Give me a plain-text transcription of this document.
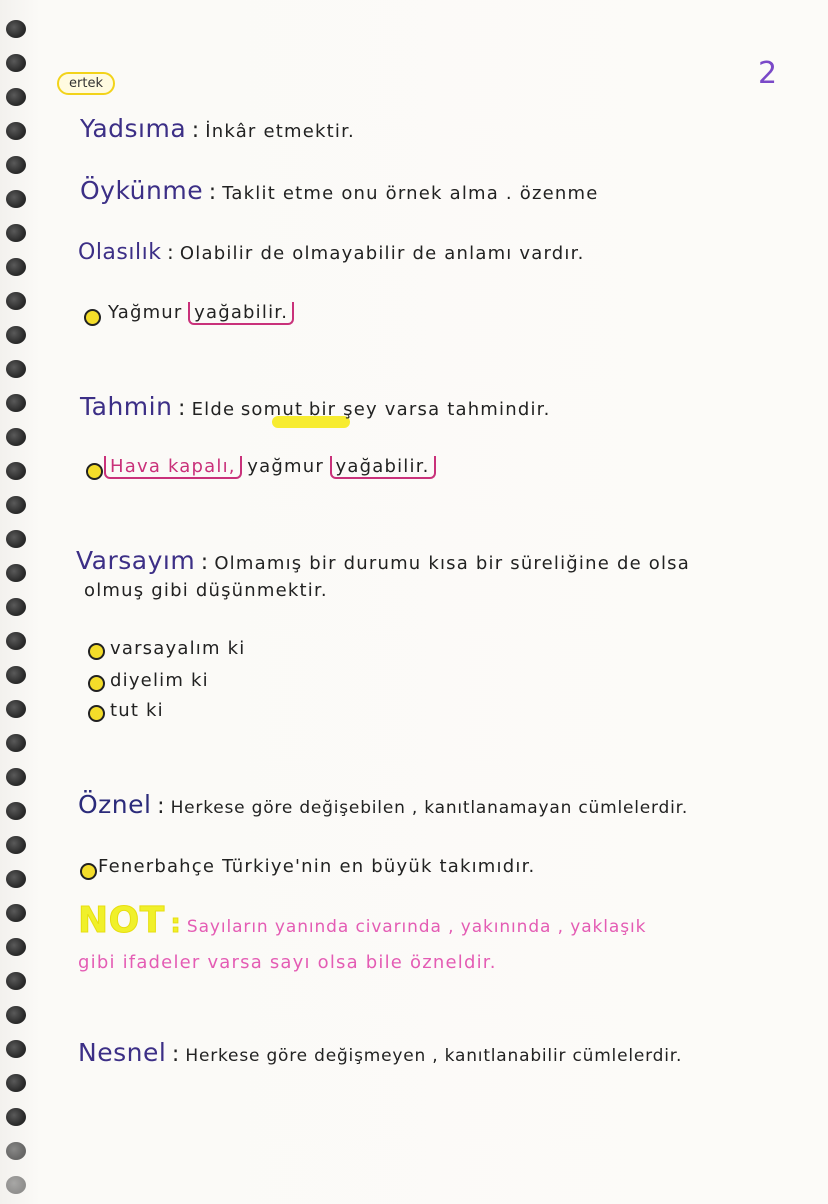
ertek	2
Yadsıma : İnkâr etmektir.
Öykünme : Taklit etme onu örnek alma . özenme
Olasılık : Olabilir de olmayabilir de anlamı vardır.
Yağmur yağabilir.
Tahmin : Elde somut bir şey varsa tahmindir.
Hava kapalı, yağmur yağabilir.
Varsayım : Olmamış bir durumu kısa bir süreliğine de olsa
olmuş gibi düşünmektir.
varsayalım ki
diyelim ki
tut ki
Öznel : Herkese göre değişebilen , kanıtlanamayan cümlelerdir.
Fenerbahçe Türkiye'nin en büyük takımıdır.
NOT : Sayıların yanında civarında , yakınında , yaklaşık
gibi ifadeler varsa sayı olsa bile özneldir.
Nesnel : Herkese göre değişmeyen , kanıtlanabilir cümlelerdir.
